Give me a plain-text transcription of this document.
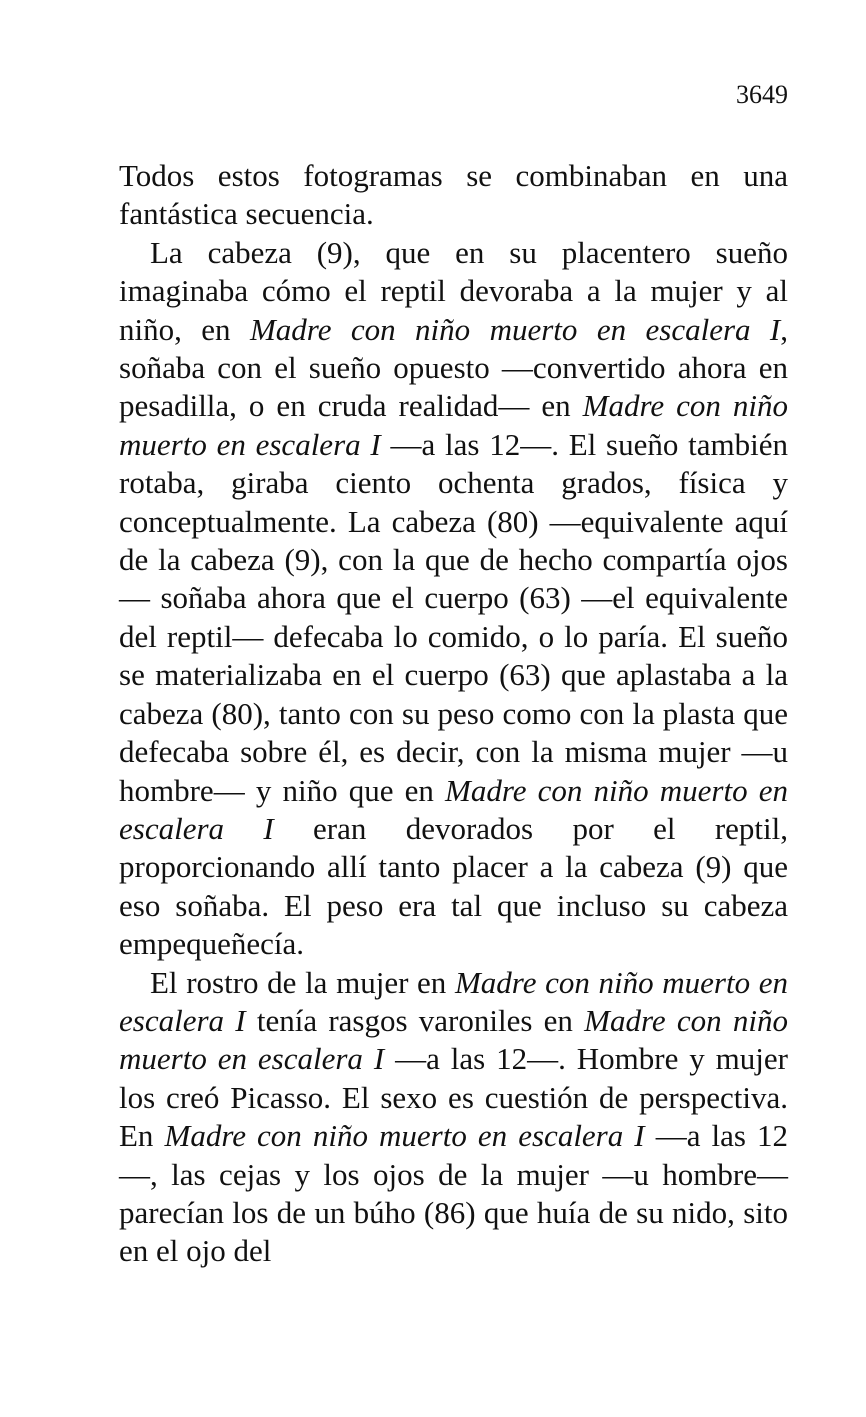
3649

Todos estos fotogramas se combinaban en una fantástica secuencia.

La cabeza (9), que en su placentero sueño imaginaba cómo el reptil devoraba a la mujer y al niño, en Madre con niño muerto en escalera I, soñaba con el sueño opuesto —convertido ahora en pesadilla, o en cruda realidad— en Madre con niño muerto en escalera I —a las 12—. El sueño también rotaba, giraba ciento ochenta grados, física y conceptualmente. La cabeza (80) —equivalente aquí de la cabeza (9), con la que de hecho compartía ojos— soñaba ahora que el cuerpo (63) —el equivalente del reptil— defecaba lo comido, o lo paría. El sueño se materializaba en el cuerpo (63) que aplastaba a la cabeza (80), tanto con su peso como con la plasta que defecaba sobre él, es decir, con la misma mujer —u hombre— y niño que en Madre con niño muerto en escalera I eran devorados por el reptil, proporcionando allí tanto placer a la cabeza (9) que eso soñaba. El peso era tal que incluso su cabeza empequeñecía.

El rostro de la mujer en Madre con niño muerto en escalera I tenía rasgos varoniles en Madre con niño muerto en escalera I —a las 12—. Hombre y mujer los creó Picasso. El sexo es cuestión de perspectiva. En Madre con niño muerto en escalera I —a las 12—, las cejas y los ojos de la mujer —u hombre— parecían los de un búho (86) que huía de su nido, sito en el ojo del
